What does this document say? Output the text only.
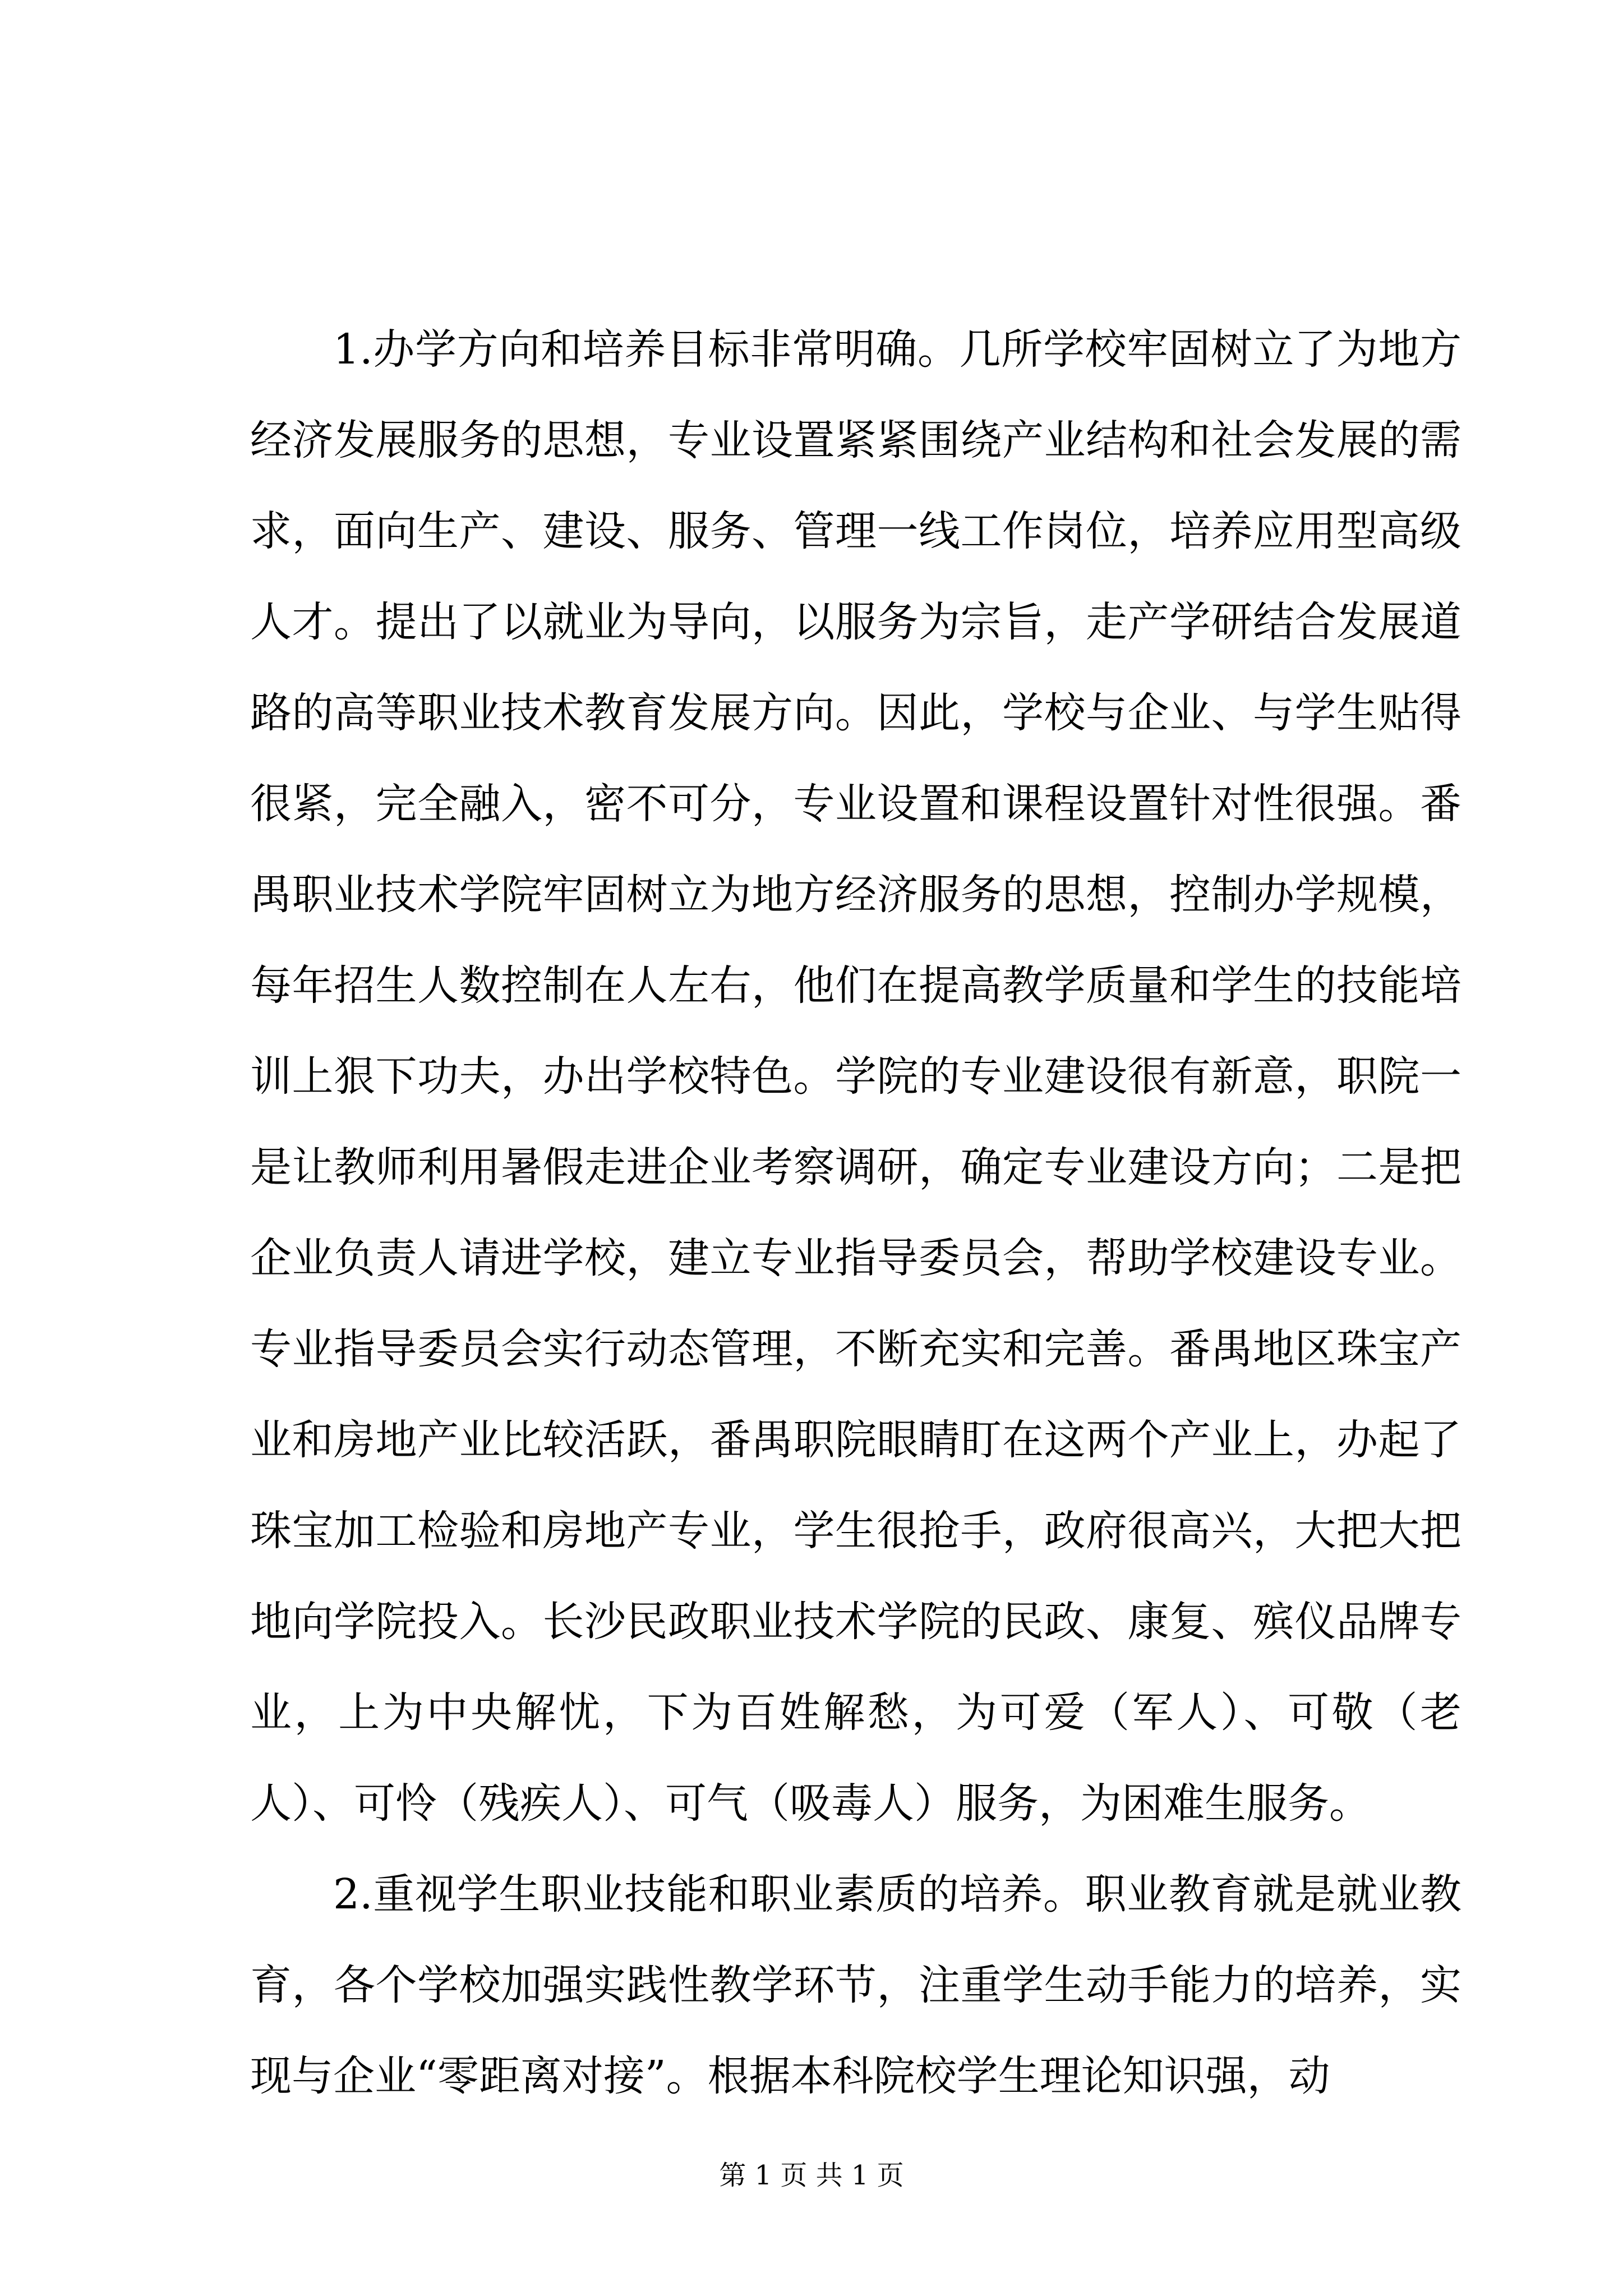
1.办学方向和培养目标非常明确。几所学校牢固树立了为地方经济发展服务的思想，专业设置紧紧围绕产业结构和社会发展的需求，面向生产、建设、服务、管理一线工作岗位，培养应用型高级人才。提出了以就业为导向，以服务为宗旨，走产学研结合发展道路的高等职业技术教育发展方向。因此，学校与企业、与学生贴得很紧，完全融入，密不可分，专业设置和课程设置针对性很强。番禺职业技术学院牢固树立为地方经济服务的思想，控制办学规模，每年招生人数控制在人左右，他们在提高教学质量和学生的技能培训上狠下功夫，办出学校特色。学院的专业建设很有新意，职院一是让教师利用暑假走进企业考察调研，确定专业建设方向；二是把企业负责人请进学校，建立专业指导委员会，帮助学校建设专业。专业指导委员会实行动态管理，不断充实和完善。番禺地区珠宝产业和房地产业比较活跃，番禺职院眼睛盯在这两个产业上，办起了珠宝加工检验和房地产专业，学生很抢手，政府很高兴，大把大把地向学院投入。长沙民政职业技术学院的民政、康复、殡仪品牌专业，上为中央解忧，下为百姓解愁，为可爱（军人）、可敬（老人）、可怜（残疾人）、可气（吸毒人）服务，为困难生服务。

2.重视学生职业技能和职业素质的培养。职业教育就是就业教育，各个学校加强实践性教学环节，注重学生动手能力的培养，实现与企业“零距离对接”。根据本科院校学生理论知识强，动

第 1 页 共 1 页
